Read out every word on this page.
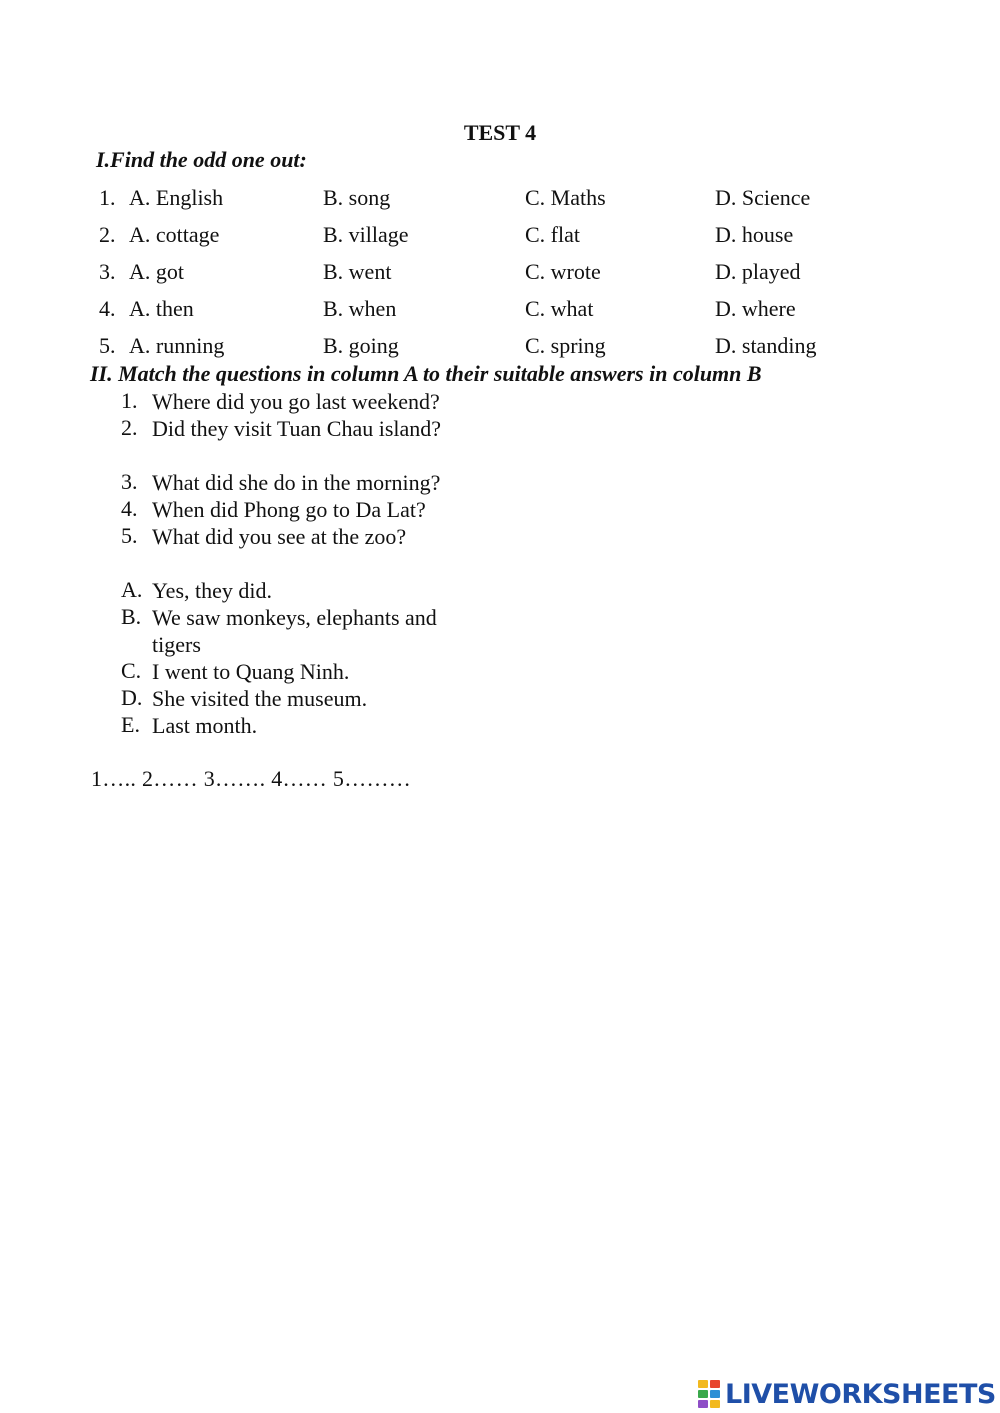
TEST 4
I.Find the odd one out:
1. A. English	B. song	C. Maths	D. Science
2. A. cottage	B. village	C. flat	D. house
3. A. got	B. went	C. wrote	D. played
4. A. then	B. when	C. what	D. where
5. A. running	B. going	C. spring	D. standing
II. Match the questions in column A to their suitable answers in column B
1. Where did you go last weekend?
2. Did they visit Tuan Chau island?
3. What did she do in the morning?
4. When did Phong go to Da Lat?
5. What did you see at the zoo?
A. Yes, they did.
B. We saw monkeys, elephants and tigers
C. I went to Quang Ninh.
D. She visited the museum.
E. Last month.
1….. 2…… 3……. 4…… 5………
LIVEWORKSHEETS
